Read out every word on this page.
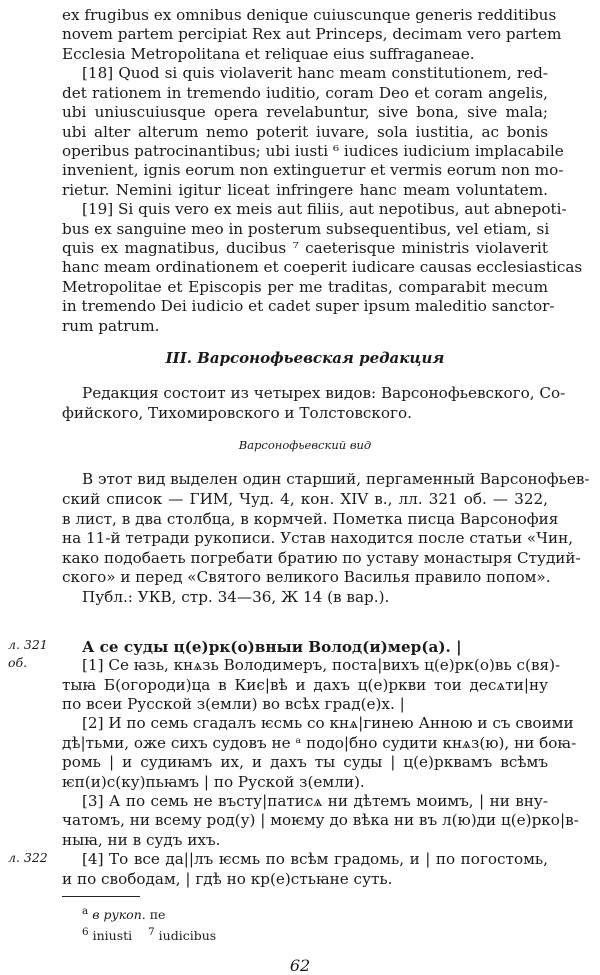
ex frugibus ex omnibus denique cuiuscunque generis redditibus
novem partem percipiat Rex aut Princeps, decimam vero partem
Ecclesia Metropolitana et reliquae eius suffraganeae.
[18] Quod si quis violaverit hanc meam constitutionem, red-
det rationem in tremendo iuditio, coram Deo et coram angelis,
ubi uniuscuiusque opera revelabuntur, sive bona, sive mala;
ubi alter alterum nemo poterit iuvare, sola iustitia, ac bonis
operibus patrocinantibus; ubi iusti ⁶ iudices iudicium implacabile
invenient, ignis eorum non extingueтur et vermis eorum non mo-
rietur. Nemini igitur liceat infringere hanc meam voluntatem.
[19] Si quis vero ex meis aut filiis, aut nepotibus, aut abnepoti-
bus ex sanguine meo in posterum subsequentibus, vel etiam, si
quis ex magnatibus, ducibus ⁷ caeterisque ministris violaverit
hanc meam ordinationem et coeperit iudicare causas ecclesiasticas
Metropolitae et Episcopis per me traditas, comparabit mecum
in tremendo Dei iudicio et cadet super ipsum maleditio sanctor-
rum patrum.
Редакция состоит из четырех видов: Варсонофьевского, Со-
фийского, Тихомировского и Толстовского.
В этот вид выделен один старший, пергаменный Варсонофьев-
ский список — ГИМ, Чуд. 4, кон. XIV в., лл. 321 об. — 322,
в лист, в два столбца, в кормчей. Пометка писца Варсонофия
на 11-й тетради рукописи. Устав находится после статьи «Чин,
како подобаеть погребати братию по уставу монастыря Студий-
ского» и перед «Святого великого Василья правило попом».
Публ.: УКВ, стр. 34—36, Ж 14 (в вар.).
А се суды ц(е)рк(о)вныи Волод(и)мер(а). |
[1] Се ꙗзь, кнѧзь Володимеръ, поста|вихъ ц(е)рк(о)вь с(вя)-
тыꙗ Б(огороди)ца в Киє|вѣ и дахъ ц(е)ркви тои десѧти|ну
по всеи Русской з(емли) во всѣх град(е)х. |
[2] И по семь сгадалъ ѥсмь со кнѧ|гинею Анною и съ своими
дѣ|тьми, оже сихъ судовъ не ᵃ подо|бно судити кнѧз(ю), ни боꙗ-
ромь | и судиꙗмъ их, и дахъ ты суды | ц(е)рквамъ всѣмъ
ѥп(и)с(ку)пьꙗмъ | по Руской з(емли).
[3] А по семь не въсту|патисѧ ни дѣтемъ моимъ, | ни вну-
чатомъ, ни всему род(у) | моѥму до вѣка ни въ л(ю)ди ц(е)рко|в-
ныꙗ, ни в судъ ихъ.
[4] То все да||лъ ѥсмь по всѣм градомь, и | по погостомь,
и по свободам, | гдѣ но кр(е)стьꙗне суть.
III. Варсонофьевская редакция
Варсонофьевский вид
л. 321
об.
л. 322
$^а$ в рукоп. пе
$^6$ iniusti $^7$ iudicibus
62
